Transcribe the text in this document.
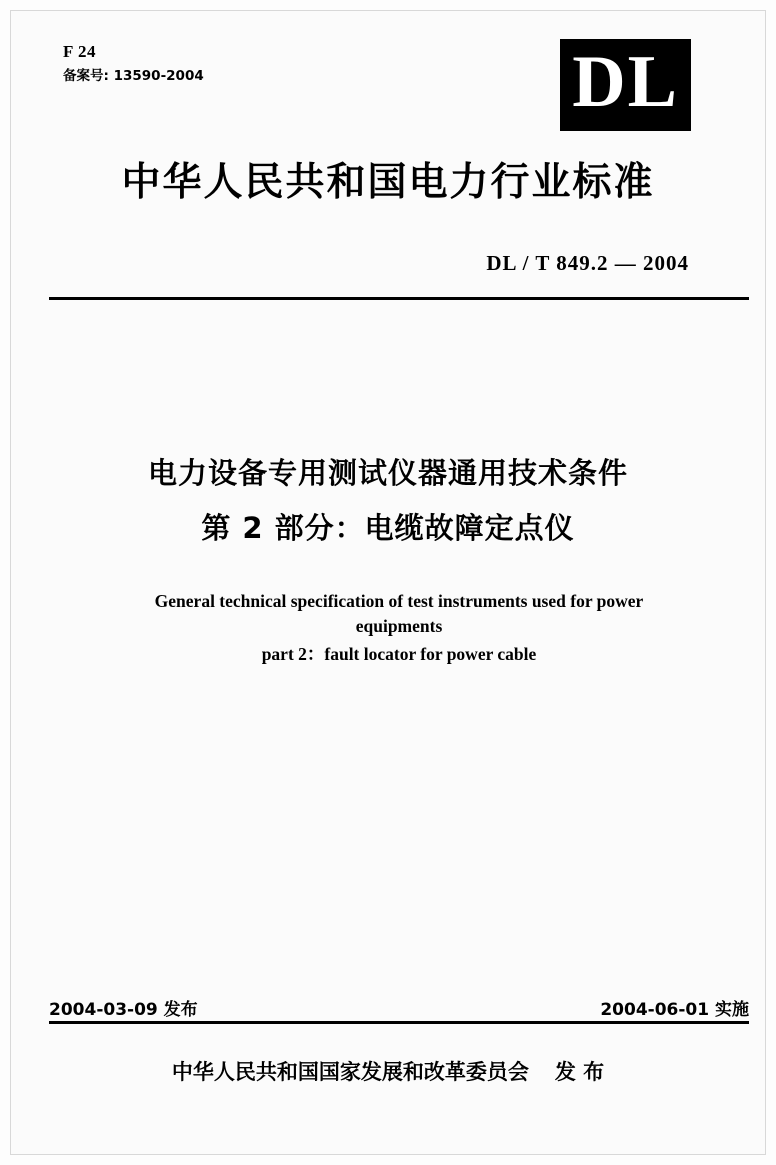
F 24
备案号: 13590-2004	DL
中华人民共和国电力行业标准
DL / T 849.2 — 2004
电力设备专用测试仪器通用技术条件
第 2 部分：电缆故障定点仪
General technical specification of test instruments used for power
equipments
part 2：fault locator for power cable
2004-03-09 发布	2004-06-01 实施
中华人民共和国国家发展和改革委员会 发 布
